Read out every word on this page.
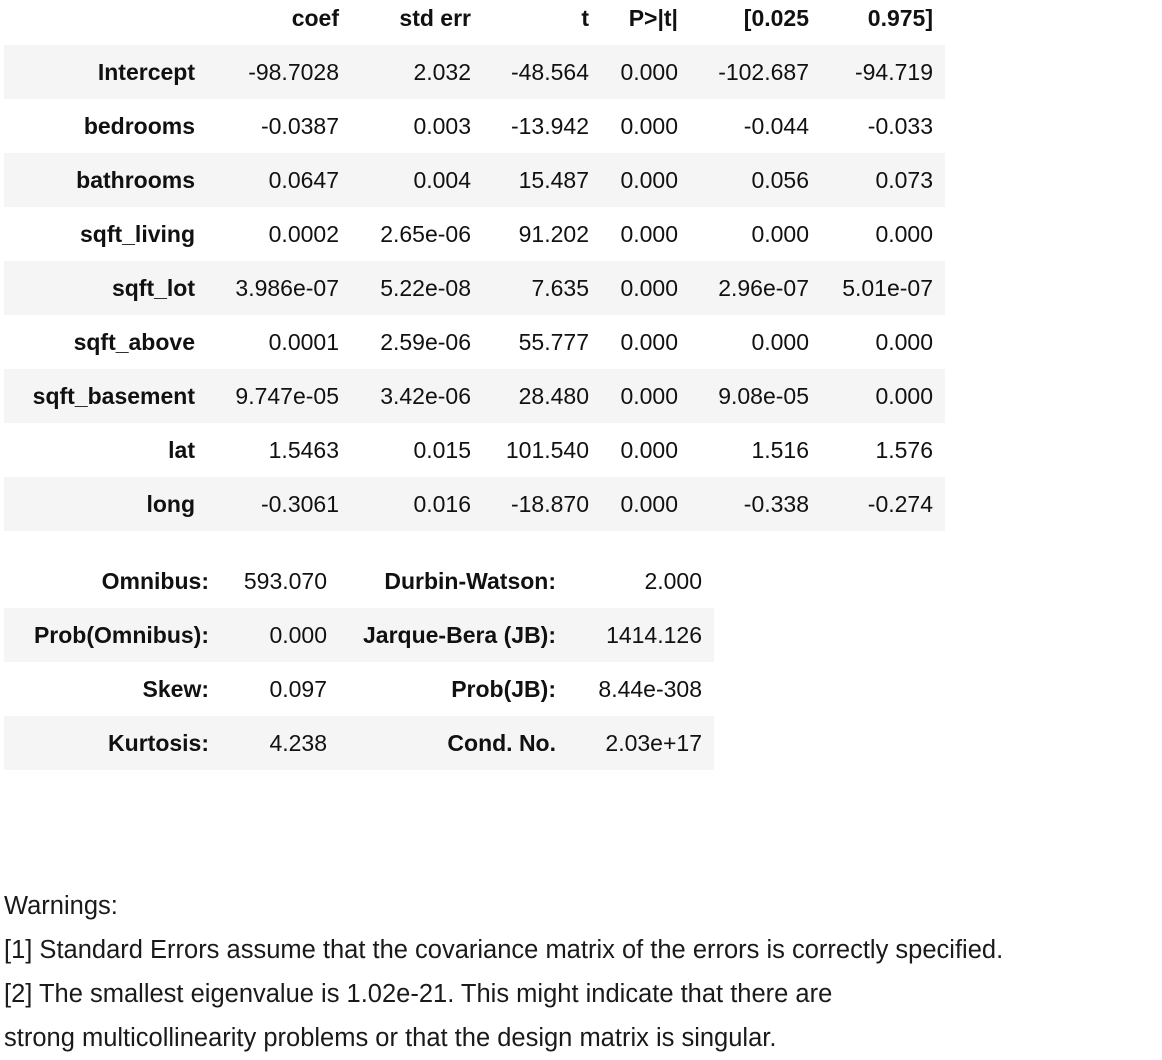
	coef	std err	t	P>|t|	[0.025	0.975]
Intercept	-98.7028	2.032	-48.564	0.000	-102.687	-94.719
bedrooms	-0.0387	0.003	-13.942	0.000	-0.044	-0.033
bathrooms	0.0647	0.004	15.487	0.000	0.056	0.073
sqft_living	0.0002	2.65e-06	91.202	0.000	0.000	0.000
sqft_lot	3.986e-07	5.22e-08	7.635	0.000	2.96e-07	5.01e-07
sqft_above	0.0001	2.59e-06	55.777	0.000	0.000	0.000
sqft_basement	9.747e-05	3.42e-06	28.480	0.000	9.08e-05	0.000
lat	1.5463	0.015	101.540	0.000	1.516	1.576
long	-0.3061	0.016	-18.870	0.000	-0.338	-0.274
Omnibus:	593.070	Durbin-Watson:	2.000
Prob(Omnibus):	0.000	Jarque-Bera (JB):	1414.126
Skew:	0.097	Prob(JB):	8.44e-308
Kurtosis:	4.238	Cond. No.	2.03e+17
Warnings:
[1] Standard Errors assume that the covariance matrix of the errors is correctly specified.
[2] The smallest eigenvalue is 1.02e-21. This might indicate that there are
strong multicollinearity problems or that the design matrix is singular.
